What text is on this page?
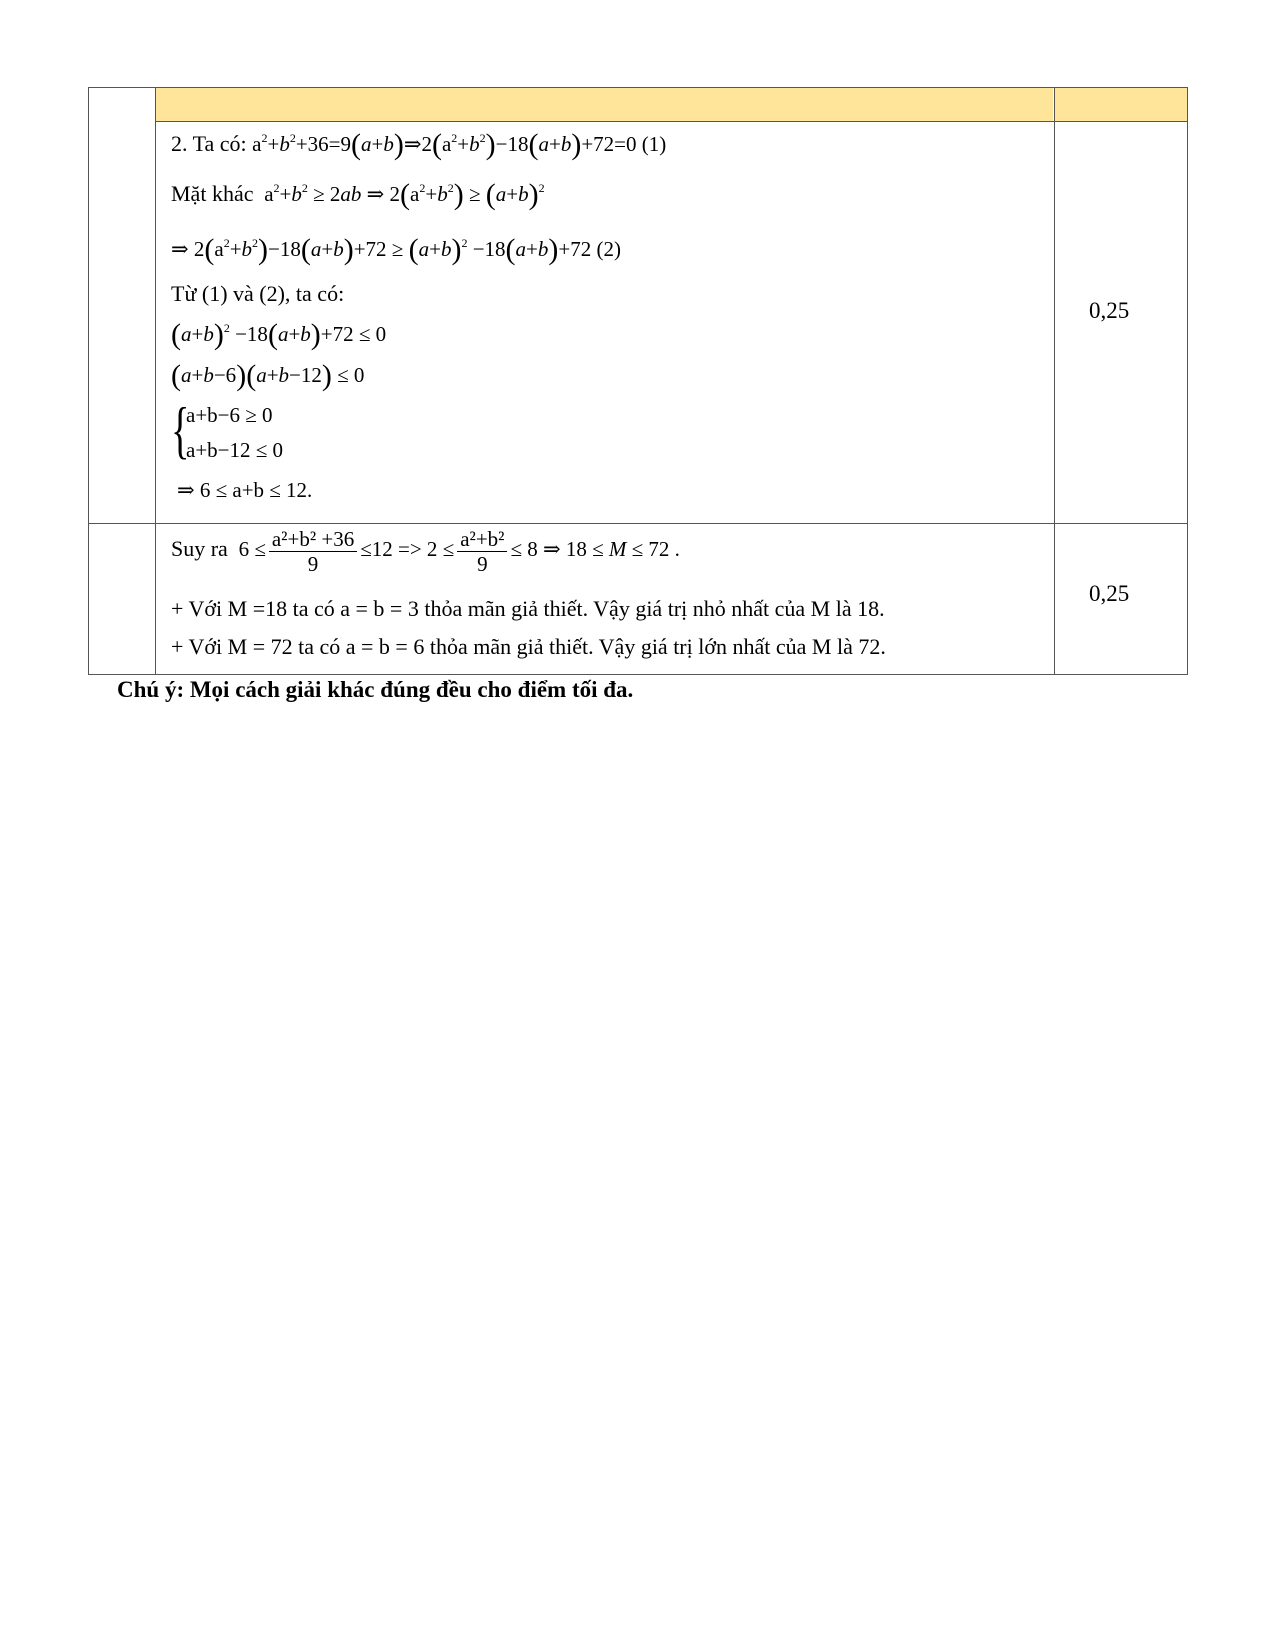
2. Ta có: $a^2+b^2+36=9(a+b)\Rightarrow 2(a^2+b^2)-18(a+b)+72=0$ (1)
Mặt khác  $a^2+b^2 \ge 2ab$ ⇒ $2(a^2+b^2) \ge (a+b)^2$
⇒ $2(a^2+b^2)-18(a+b)+72 \ge (a+b)^2 -18(a+b)+72$ (2)
Từ (1) và (2), ta có:
$(a+b)^2 -18(a+b)+72 \le 0$
(a+b−6)(a+b−12) ≤ 0
{
a+b−6 ≥ 0
a+b−12 ≤ 0
⇒ 6 ≤ a+b ≤ 12.
0,25
Suy ra  $6 \le \frac{\text{a²+b² +36}}{9} \le 12 => 2 \le \frac{\text{a²+b²}}{9} \le 8$ ⇒ 18 ≤ M ≤ 72 .
+ Với M =18 ta có a = b = 3 thỏa mãn giả thiết. Vậy giá trị nhỏ nhất của M là 18.
+ Với M = 72 ta có a = b = 6 thỏa mãn giả thiết. Vậy giá trị lớn nhất của M là 72.
0,25
Chú ý: Mọi cách giải khác đúng đều cho điểm tối đa.
